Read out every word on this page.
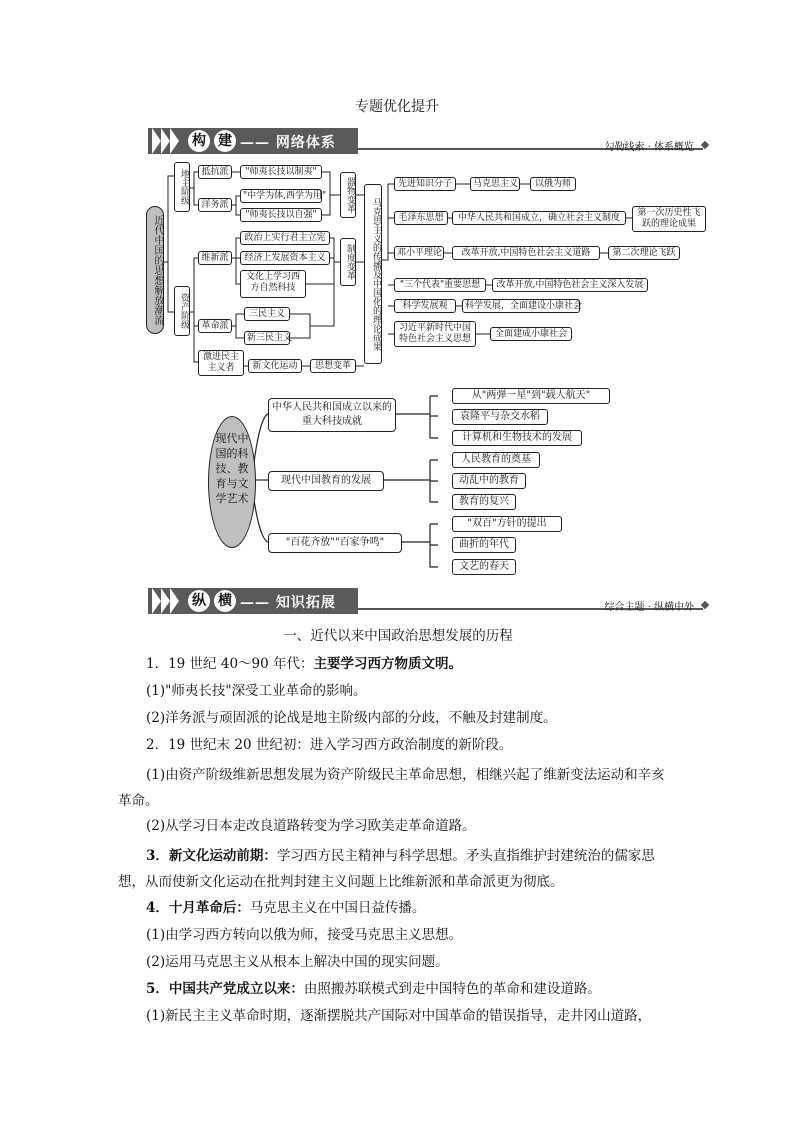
专题优化提升
构 建 —— 网络体系	勾勒线索 · 体系概览
近代中国的思想解放潮流
地主阶级
资产阶级
抵抗派
洋务派
维新派
革命派
激进民主主义者
"师夷长技以制夷"
"中学为体,西学为用"
"师夷长技以自强"
政治上实行君主立宪
经济上发展资本主义
文化上学习西方自然科技
三民主义
新三民主义
新文化运动	思想变革
器物变革
制度变革	马克思主义的传播及中国化的理论成果
先进知识分子	马克思主义	以俄为师
毛泽东思想	中华人民共和国成立，确立社会主义制度	第一次历史性飞跃的理论成果
邓小平理论	改革开放,中国特色社会主义道路	第二次理论飞跃
"三个代表"重要思想	改革开放,中国特色社会主义深入发展
科学发展观	科学发展，全面建设小康社会
习近平新时代中国特色社会主义思想	全面建成小康社会
现代中国的科技、教育与文学艺术
中华人民共和国成立以来的重大科技成就
现代中国教育的发展
"百花齐放""百家争鸣"
从"两弹一星"到"载人航天"
袁隆平与杂交水稻
计算机和生物技术的发展
人民教育的奠基
动乱中的教育
教育的复兴
"双百"方针的提出
曲折的年代
文艺的春天
纵 横 —— 知识拓展	综合主题 · 纵横中外
一、近代以来中国政治思想发展的历程
1．19 世纪 40～90 年代：主要学习西方物质文明。
(1)"师夷长技"深受工业革命的影响。
(2)洋务派与顽固派的论战是地主阶级内部的分歧，不触及封建制度。
2．19 世纪末 20 世纪初：进入学习西方政治制度的新阶段。
(1)由资产阶级维新思想发展为资产阶级民主革命思想，相继兴起了维新变法运动和辛亥革命。
(2)从学习日本走改良道路转变为学习欧美走革命道路。
3．新文化运动前期：学习西方民主精神与科学思想。矛头直指维护封建统治的儒家思想，从而使新文化运动在批判封建主义问题上比维新派和革命派更为彻底。
4．十月革命后：马克思主义在中国日益传播。
(1)由学习西方转向以俄为师，接受马克思主义思想。
(2)运用马克思主义从根本上解决中国的现实问题。
5．中国共产党成立以来：由照搬苏联模式到走中国特色的革命和建设道路。
(1)新民主主义革命时期，逐渐摆脱共产国际对中国革命的错误指导，走井冈山道路，
